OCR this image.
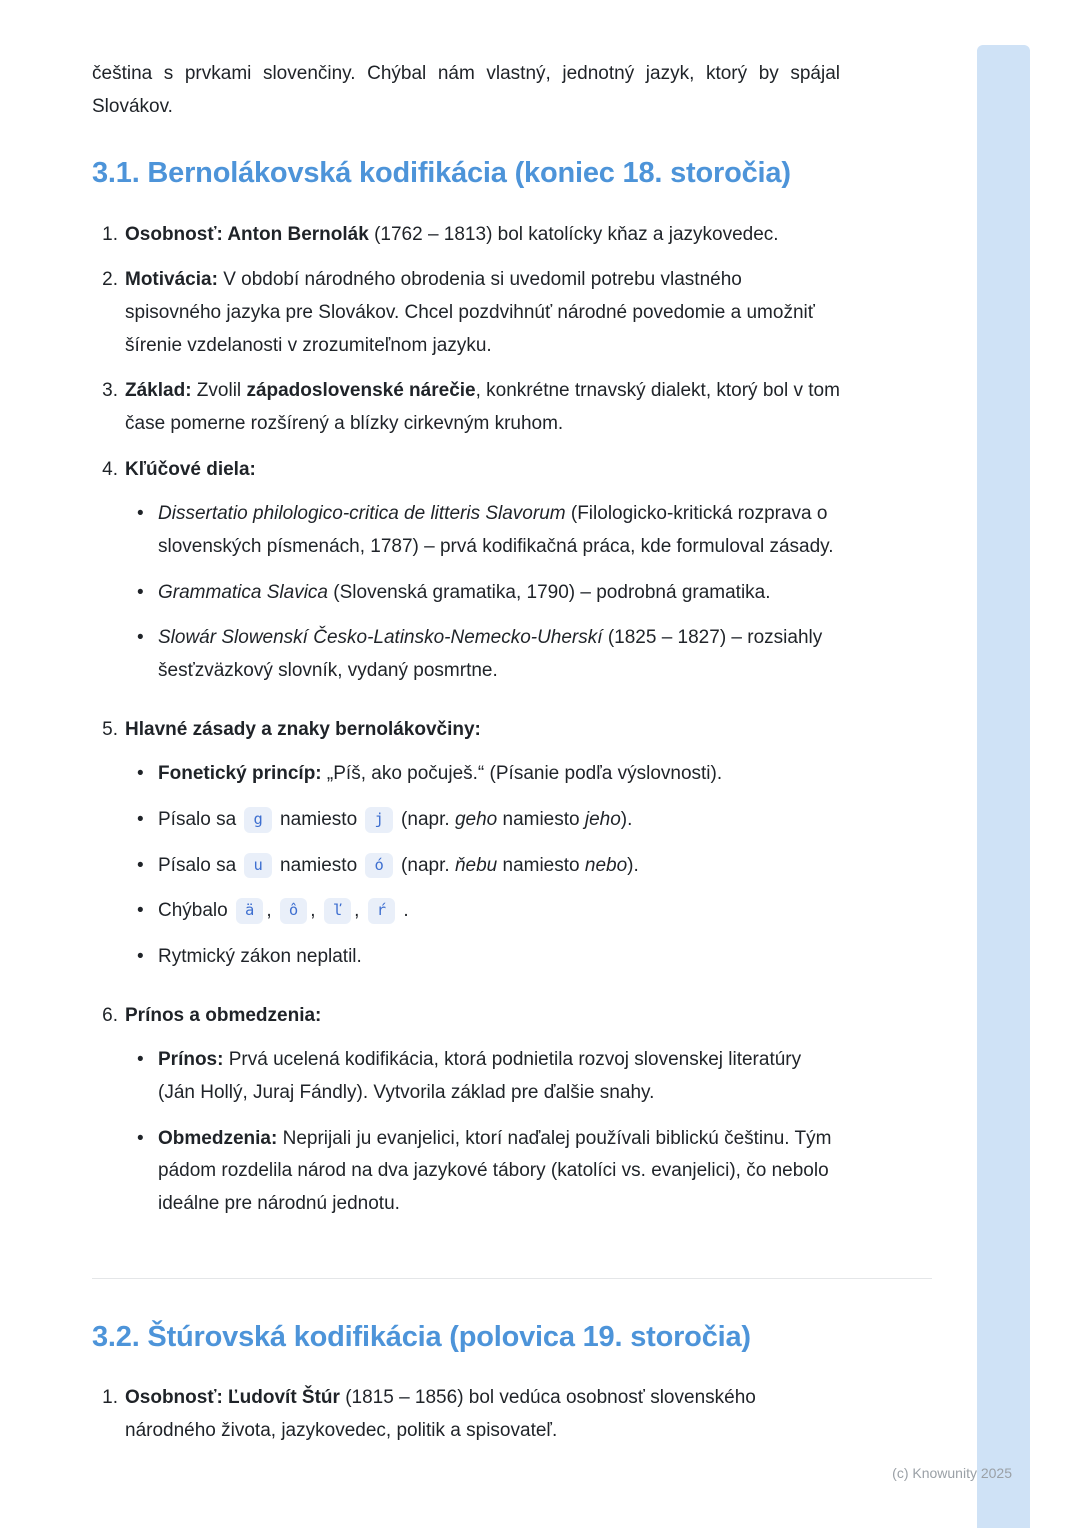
čeština s prvkami slovenčiny. Chýbal nám vlastný, jednotný jazyk, ktorý by spájal Slovákov.

3.1. Bernolákovská kodifikácia (koniec 18. storočia)
1. Osobnosť: Anton Bernolák (1762 – 1813) bol katolícky kňaz a jazykovedec.
2. Motivácia: V období národného obrodenia si uvedomil potrebu vlastného spisovného jazyka pre Slovákov. Chcel pozdvihnúť národné povedomie a umožniť šírenie vzdelanosti v zrozumiteľnom jazyku.
3. Základ: Zvolil západoslovenské nárečie, konkrétne trnavský dialekt, ktorý bol v tom čase pomerne rozšírený a blízky cirkevným kruhom.
4. Kľúčové diela:
•
Dissertatio philologico-critica de litteris Slavorum (Filologicko-kritická rozprava o slovenských písmenách, 1787) – prvá kodifikačná práca, kde formuloval zásady.
•
Grammatica Slavica (Slovenská gramatika, 1790) – podrobná gramatika.
•
Slowár Slowenskí Česko-Latinsko-Nemecko-Uherskí (1825 – 1827) – rozsiahly šesťzväzkový slovník, vydaný posmrtne.
5. Hlavné zásady a znaky bernolákovčiny:
•
Fonetický princíp: „Píš, ako počuješ.“ (Písanie podľa výslovnosti).
•
Písalo sa g namiesto j (napr. geho namiesto jeho).
•
Písalo sa u namiesto ó (napr. ňebu namiesto nebo).
•
Chýbalo ä , ô , ľ , ŕ .
•
Rytmický zákon neplatil.
6. Prínos a obmedzenia:
•
Prínos: Prvá ucelená kodifikácia, ktorá podnietila rozvoj slovenskej literatúry (Ján Hollý, Juraj Fándly). Vytvorila základ pre ďalšie snahy.
•
Obmedzenia: Neprijali ju evanjelici, ktorí naďalej používali biblickú češtinu. Tým pádom rozdelila národ na dva jazykové tábory (katolíci vs. evanjelici), čo nebolo ideálne pre národnú jednotu.
3.2. Štúrovská kodifikácia (polovica 19. storočia)
1. Osobnosť: Ľudovít Štúr (1815 – 1856) bol vedúca osobnosť slovenského národného života, jazykovedec, politik a spisovateľ.
(c) Knowunity 2025
